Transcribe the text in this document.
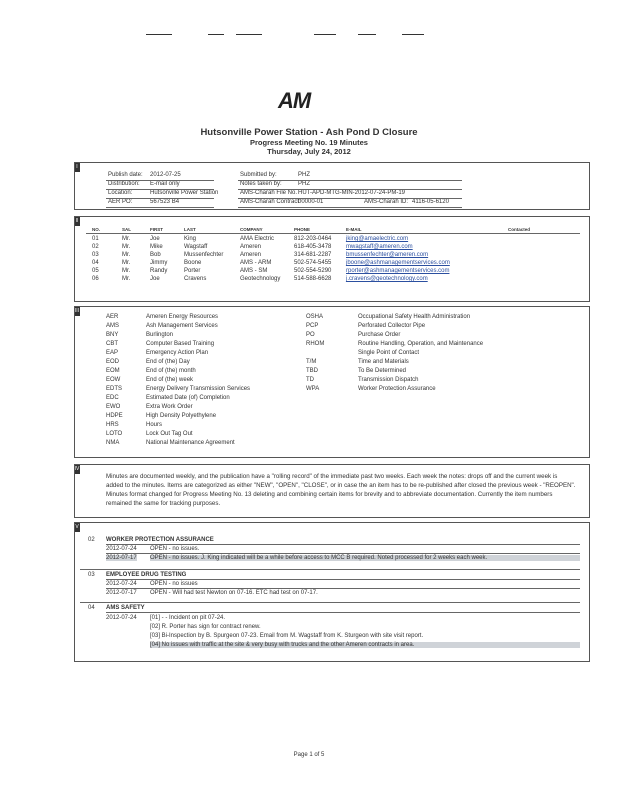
AM
Hutsonville Power Station - Ash Pond D Closure
Progress Meeting No. 19 Minutes
Thursday, July 24, 2012
I
Publish date: 2012-07-25
Distribution: E-mail only
Location:	Hutsonville Power Station
AER PO:	567523 B4
Submitted by:	PHZ
Notes taken by:	PHZ
AMS-Charah File No. HUT-APD-MTG-MIN-2012-07-24-PM-19
AMS-Charah Contract:
00000-01	AMS-Charah ID: 4116-05-6120
II
NO.	SAL	FIRST	LAST	COMPANY	PHONE	E-MAIL	Contacted
01	Mr.	Joe	King	AMA Electric	812-203-0464 jking@amaelectric.com
02	Mr.	Mike	Wagstaff	Ameren	618-405-3478 mwagstaff@ameren.com
03	Mr.	Bob	Mussenfechter	Ameren	314-681-2287 bmussenfechter@ameren.com
04	Mr.	Jimmy	Boone	AMS - ARM	502-574-5455 jboone@ashmanagementservices.com
05	Mr.	Randy	Porter	AMS - SM	502-554-5290 rporter@ashmanagementservices.com
06	Mr.	Joe	Cravens	Geotechnology 514-588-6628 j.cravens@geotechnology.com
III
AER	Ameren Energy Resources
AMS	Ash Management Services
BNY	Burlington
CBT	Computer Based Training
EAP	Emergency Action Plan
EOD	End of (the) Day
EOM	End of (the) month
EOW	End of (the) week
EDTS	Energy Delivery Transmission Services
EDC	Estimated Date (of) Completion
EWO	Extra Work Order
HDPE	High Density Polyethylene
HRS	Hours
LOTO	Lock Out Tag Out
NMA	National Maintenance Agreement
OSHA	Occupational Safety Health Administration
PCP	Perforated Collector Pipe
PO	Purchase Order
RHOM	Routine Handling, Operation, and Maintenance
Single Point of Contact
T/M	Time and Materials
TBD	To Be Determined
TD	Transmission Dispatch
WPA	Worker Protection Assurance
IV
Minutes are documented weekly, and the publication have a "rolling record" of the immediate past two weeks. Each week the notes: drops off and the current week is added to the minutes. Items are categorized as either "NEW", "OPEN", "CLOSE", or in case the an item has to be re-published after closed the previous week - "REOPEN". Minutes format changed for Progress Meeting No. 13 deleting and combining certain items for brevity and to abbreviate documentation. Currently the item numbers remained the same for tracking purposes.
V
02 WORKER PROTECTION ASSURANCE
2012-07-24 OPEN - no issues.
2012-07-17 OPEN - no issues. J. King indicated will be a while before access to MCC B required. Noted processed for 2 weeks each week.
03 EMPLOYEE DRUG TESTING
2012-07-24 OPEN - no issues
2012-07-17 OPEN - Will had test Newton on 07-16. ETC had test on 07-17.
04 AMS SAFETY
2012-07-24 [01] - - Incident on pit 07-24.
[02] R. Porter has sign for contract renew.
[03] Bi-Inspection by B. Spurgeon 07-23. Email from M. Wagstaff from K. Sturgeon with site visit report.
[04] No issues with traffic at the site & very busy with trucks and the other Ameren contracts in area.
Page 1 of 5
